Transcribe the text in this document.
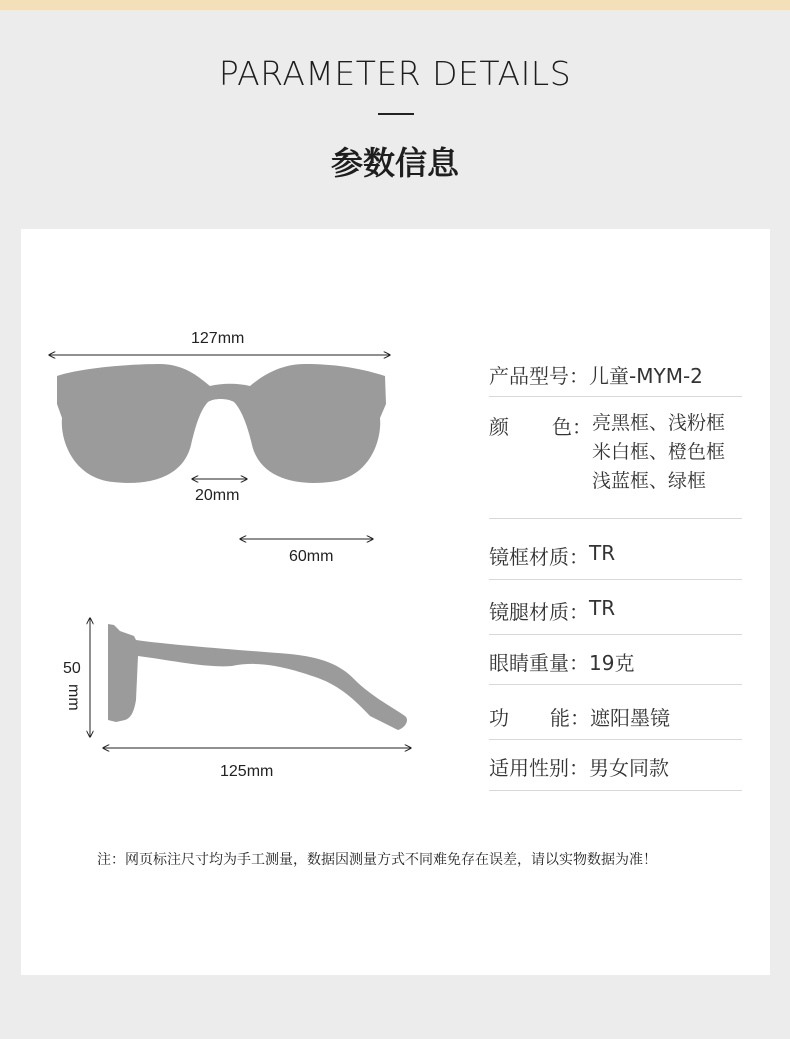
PARAMETER DETAILS
参数信息
127mm
20mm
60mm
50
mm
125mm
产品型号： 儿童-MYM-2
颜 色： 亮黑框、浅粉框
米白框、橙色框
浅蓝框、绿框
镜框材质： TR
镜腿材质： TR
眼睛重量： 19克
功 能： 遮阳墨镜
适用性别： 男女同款
注：网页标注尺寸均为手工测量，数据因测量方式不同难免存在误差，请以实物数据为准！
